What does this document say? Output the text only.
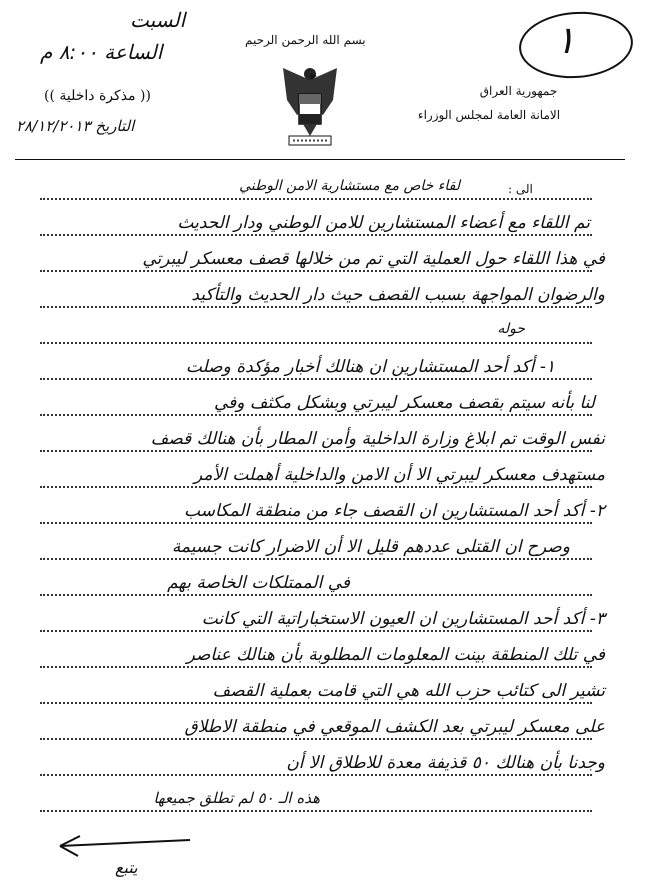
١
بسم الله الرحمن الرحيم
جمهورية العراق
الامانة العامة لمجلس الوزراء
السبت
الساعة ٨:٠٠ م
(( مذكرة داخلية ))
التاريخ ٢٨/١٢/٢٠١٣
الى :
لقاء خاص مع مستشارية الامن الوطني
تم اللقاء مع أعضاء المستشارين للامن الوطني ودار الحديث
في هذا اللقاء حول العملية التي تم من خلالها قصف معسكر ليبرتي
والرضوان المواجهة بسبب القصف حيث دار الحديث والتأكيد
حوله
١- أكد أحد المستشارين ان هنالك أخبار مؤكدة وصلت
لنا بأنه سيتم بقصف معسكر ليبرتي وبشكل مكثف وفي
نفس الوقت تم ابلاغ وزارة الداخلية وأمن المطار بأن هنالك قصف
مستهدف معسكر ليبرتي الا أن الامن والداخلية أهملت الأمر
٢- أكد أحد المستشارين ان القصف جاء من منطقة المكاسب
وصرح ان القتلى عددهم قليل الا أن الاضرار كانت جسيمة
في الممتلكات الخاصة بهم
٣- أكد أحد المستشارين ان العيون الاستخباراتية التي كانت
في تلك المنطقة بينت المعلومات المطلوبة بأن هنالك عناصر
تشير الى كتائب حزب الله هي التي قامت بعملية القصف
على معسكر ليبرتي بعد الكشف الموقعي في منطقة الاطلاق
وجدنا بأن هنالك ٥٠ قذيفة معدة للاطلاق الا أن
هذه الـ ٥٠ لم تطلق جميعها
يتبع
